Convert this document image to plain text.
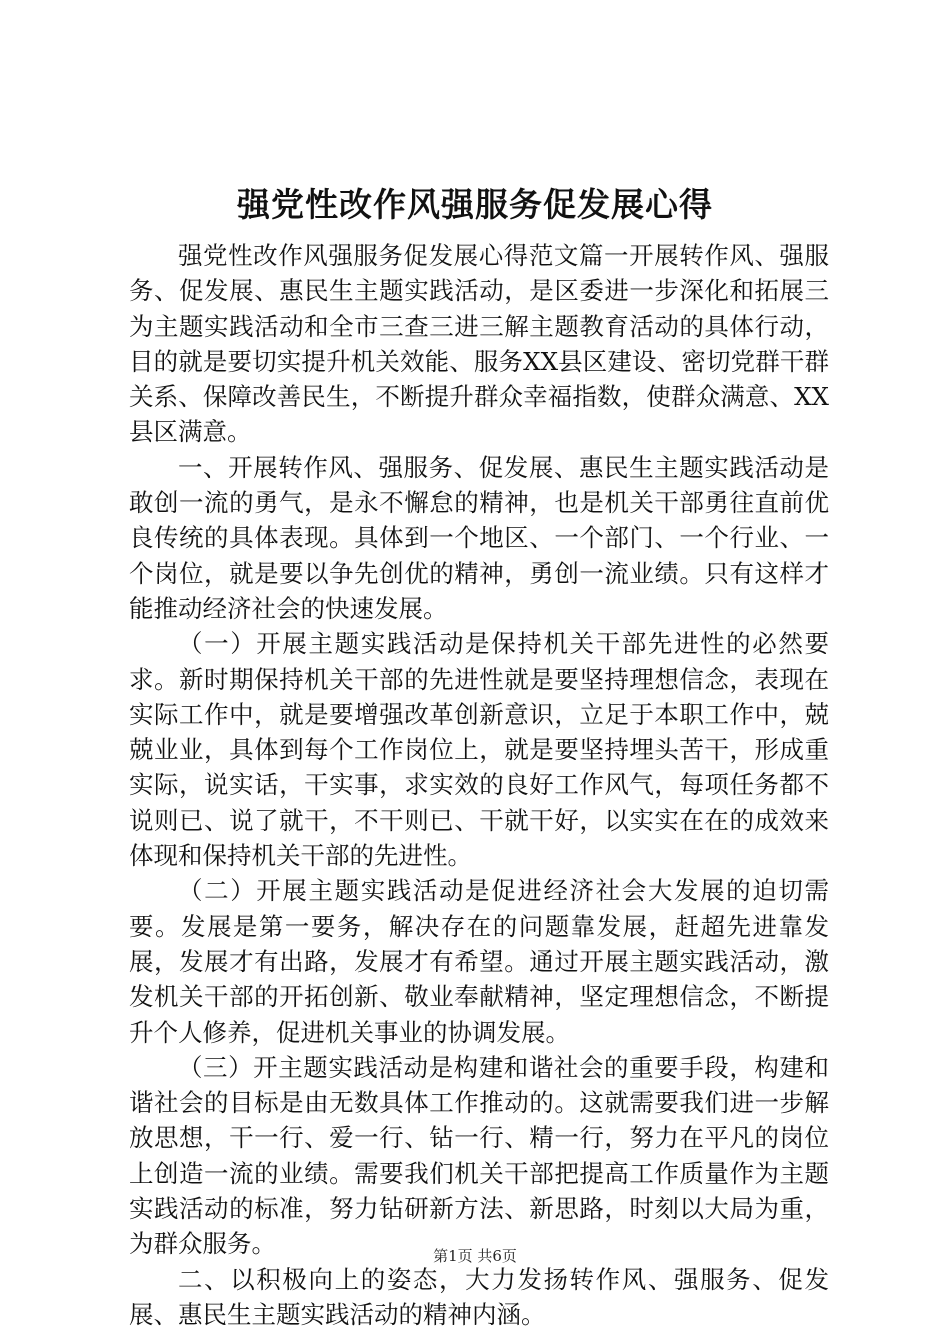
强党性改作风强服务促发展心得

强党性改作风强服务促发展心得范文篇一开展转作风、强服务、促发展、惠民生主题实践活动，是区委进一步深化和拓展三为主题实践活动和全市三查三进三解主题教育活动的具体行动，目的就是要切实提升机关效能、服务XX县区建设、密切党群干群关系、保障改善民生，不断提升群众幸福指数，使群众满意、XX县区满意。

一、开展转作风、强服务、促发展、惠民生主题实践活动是敢创一流的勇气，是永不懈怠的精神，也是机关干部勇往直前优良传统的具体表现。具体到一个地区、一个部门、一个行业、一个岗位，就是要以争先创优的精神，勇创一流业绩。只有这样才能推动经济社会的快速发展。

（一）开展主题实践活动是保持机关干部先进性的必然要求。新时期保持机关干部的先进性就是要坚持理想信念，表现在实际工作中，就是要增强改革创新意识，立足于本职工作中，兢兢业业，具体到每个工作岗位上，就是要坚持埋头苦干，形成重实际，说实话，干实事，求实效的良好工作风气，每项任务都不说则已、说了就干，不干则已、干就干好，以实实在在的成效来体现和保持机关干部的先进性。

（二）开展主题实践活动是促进经济社会大发展的迫切需要。发展是第一要务，解决存在的问题靠发展，赶超先进靠发展，发展才有出路，发展才有希望。通过开展主题实践活动，激发机关干部的开拓创新、敬业奉献精神，坚定理想信念，不断提升个人修养，促进机关事业的协调发展。

（三）开主题实践活动是构建和谐社会的重要手段，构建和谐社会的目标是由无数具体工作推动的。这就需要我们进一步解放思想，干一行、爱一行、钻一行、精一行，努力在平凡的岗位上创造一流的业绩。需要我们机关干部把提高工作质量作为主题实践活动的标准，努力钻研新方法、新思路，时刻以大局为重，为群众服务。

二、以积极向上的姿态，大力发扬转作风、强服务、促发展、惠民生主题实践活动的精神内涵。

第1页 共6页
